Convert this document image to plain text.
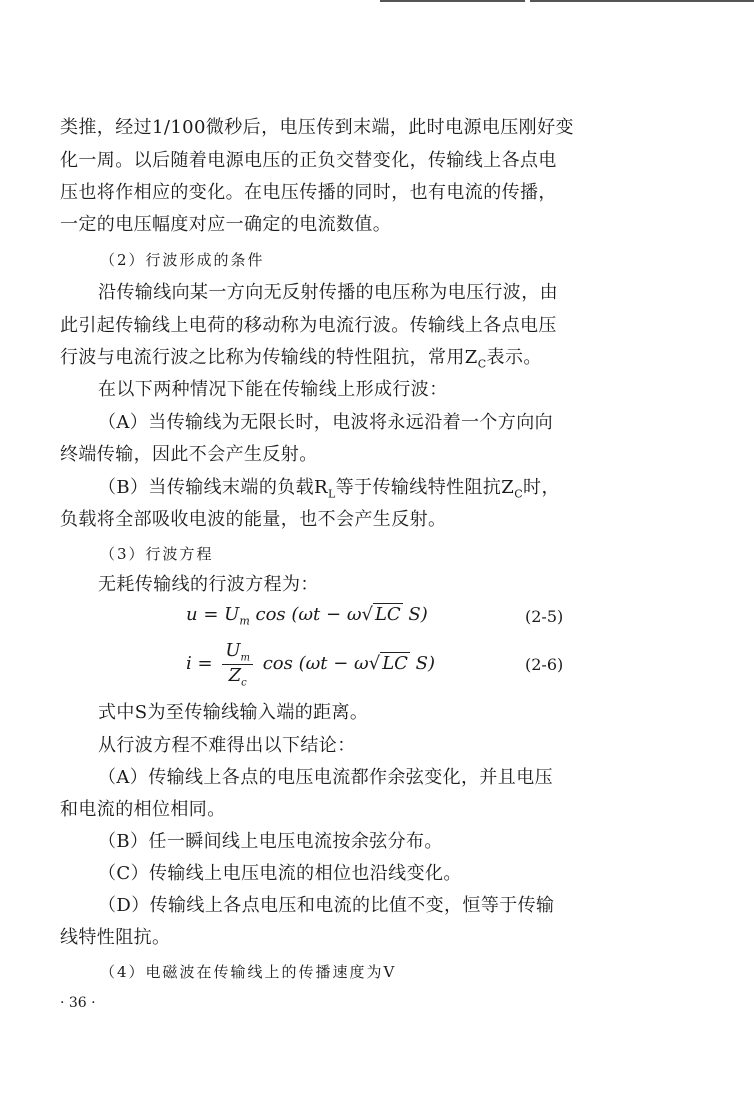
类推，经过1/100微秒后，电压传到末端，此时电源电压刚好变
化一周。以后随着电源电压的正负交替变化，传输线上各点电
压也将作相应的变化。在电压传播的同时，也有电流的传播，
一定的电压幅度对应一确定的电流数值。
（2）行波形成的条件
沿传输线向某一方向无反射传播的电压称为电压行波，由
此引起传输线上电荷的移动称为电流行波。传输线上各点电压
行波与电流行波之比称为传输线的特性阻抗，常用$Z_C$表示。
在以下两种情况下能在传输线上形成行波：
（A）当传输线为无限长时，电波将永远沿着一个方向向
终端传输，因此不会产生反射。
（B）当传输线末端的负载$R_L$等于传输线特性阻抗$Z_C$时，
负载将全部吸收电波的能量，也不会产生反射。
（3）行波方程
无耗传输线的行波方程为：
$u = U_m$ cos (ωt − ω√ LC S)	(2-5)
$i = \frac{U_m}{Z_c}$ cos (ωt − ω√ LC S)	(2-6)
式中S为至传输线输入端的距离。
从行波方程不难得出以下结论：
（A）传输线上各点的电压电流都作余弦变化，并且电压
和电流的相位相同。
（B）任一瞬间线上电压电流按余弦分布。
（C）传输线上电压电流的相位也沿线变化。
（D）传输线上各点电压和电流的比值不变，恒等于传输
线特性阻抗。
（4）电磁波在传输线上的传播速度为V
· 36 ·
